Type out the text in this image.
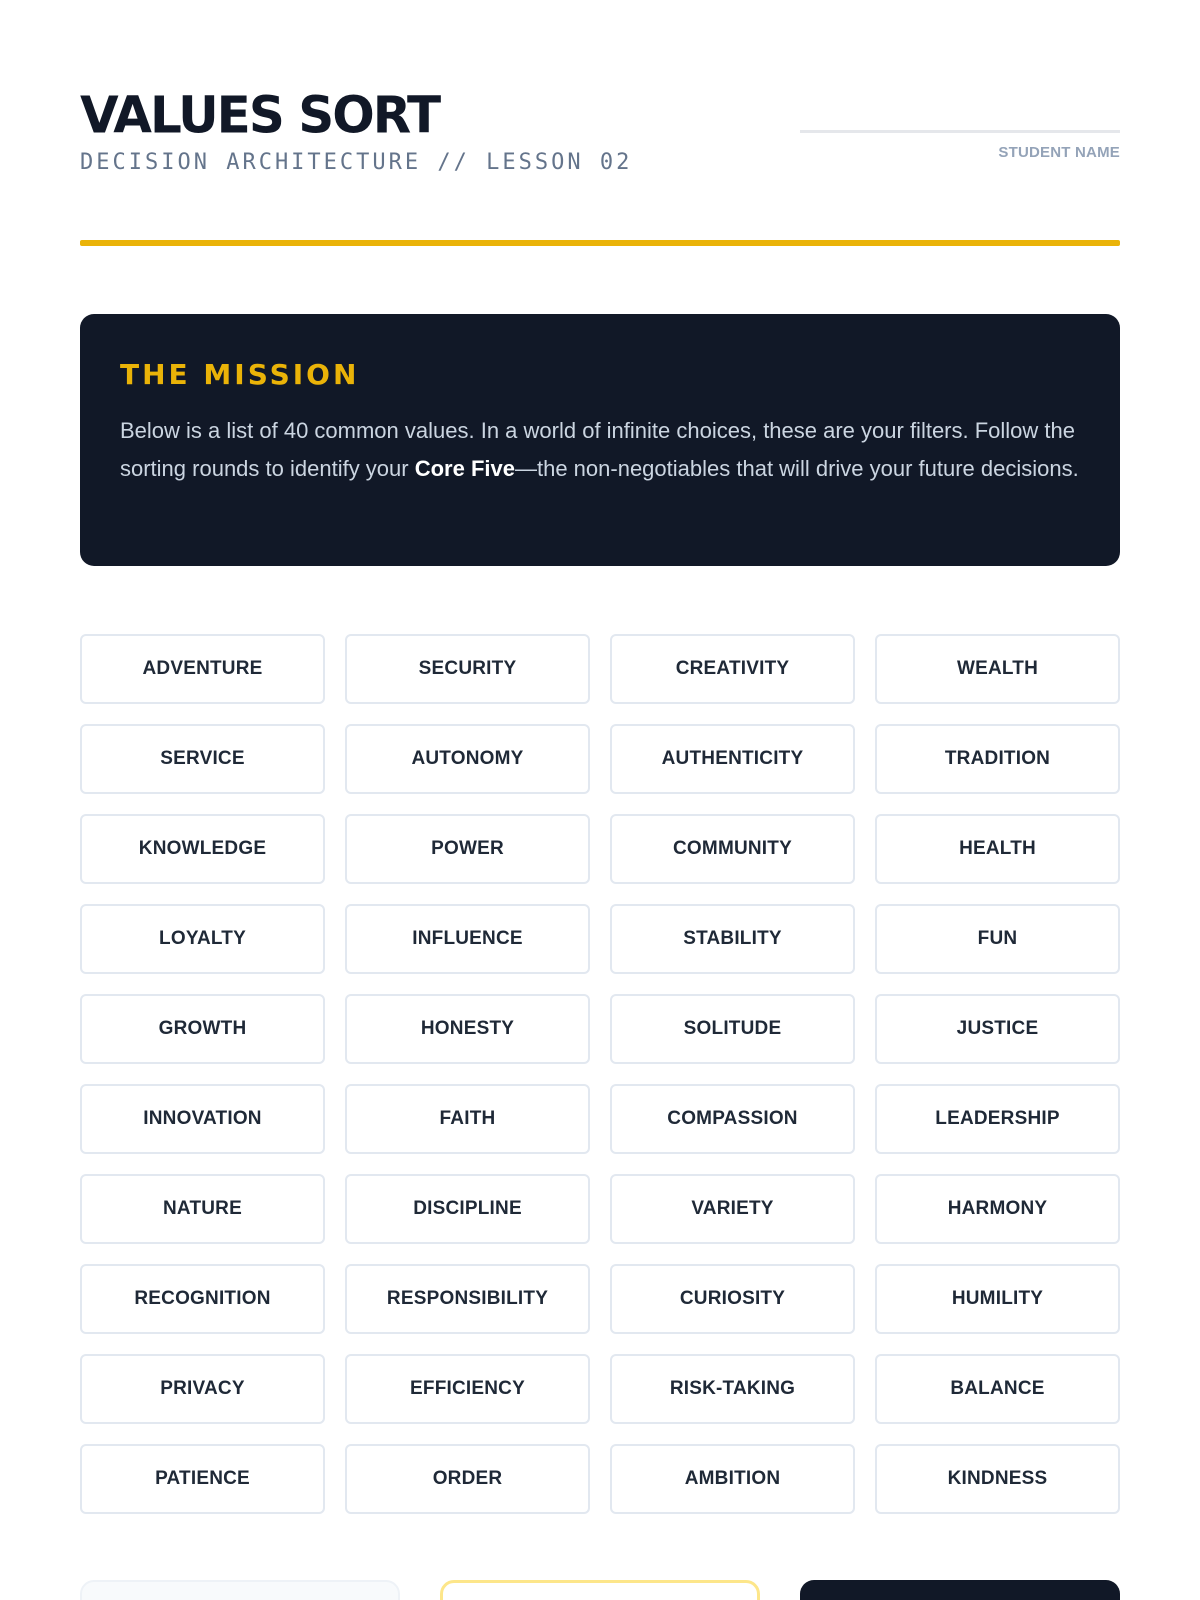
VALUES SORT
DECISION ARCHITECTURE // LESSON 02	STUDENT NAME
THE MISSION

Below is a list of 40 common values. In a world of infinite choices, these are your filters. Follow the sorting rounds to identify your Core Five—the non-negotiables that will drive your future decisions.

ADVENTURE	SECURITY	CREATIVITY	WEALTH
SERVICE	AUTONOMY	AUTHENTICITY	TRADITION
KNOWLEDGE	POWER	COMMUNITY	HEALTH
LOYALTY	INFLUENCE	STABILITY	FUN
GROWTH	HONESTY	SOLITUDE	JUSTICE
INNOVATION	FAITH	COMPASSION	LEADERSHIP
NATURE	DISCIPLINE	VARIETY	HARMONY
RECOGNITION	RESPONSIBILITY	CURIOSITY	HUMILITY
PRIVACY	EFFICIENCY	RISK-TAKING	BALANCE
PATIENCE	ORDER	AMBITION	KINDNESS
